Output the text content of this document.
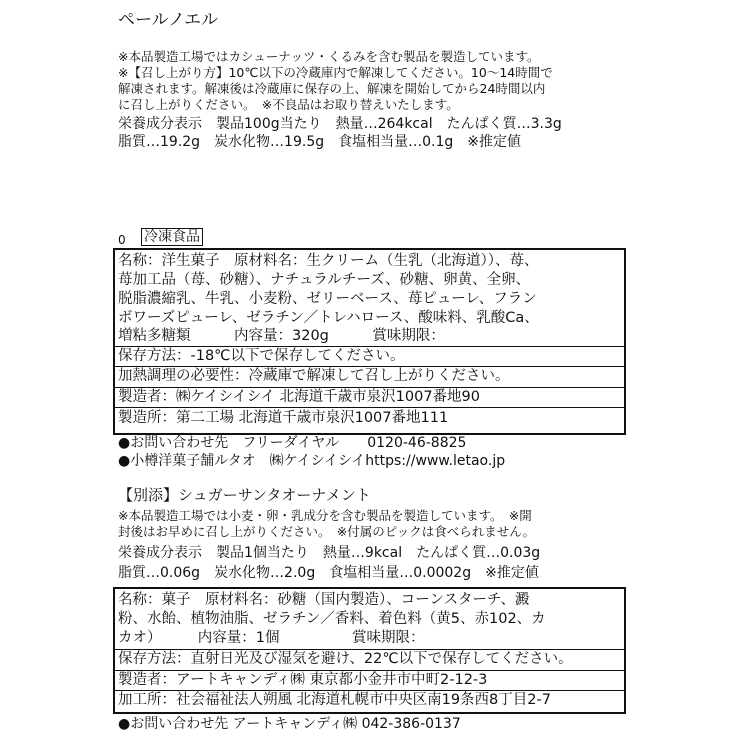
ペールノエル
※本品製造工場ではカシューナッツ・くるみを含む製品を製造しています。
※【召し上がり方】10℃以下の冷蔵庫内で解凍してください。10～14時間で
解凍されます。解凍後は冷蔵庫に保存の上、解凍を開始してから24時間以内
に召し上がりください。　※不良品はお取り替えいたします。
栄養成分表示　製品100g当たり　熱量…264kcal　たんぱく質…3.3g
脂質…19.2g　炭水化物…19.5g　食塩相当量…0.1g　※推定値
0 冷凍食品
名称：洋生菓子　原材料名：生クリーム（生乳（北海道））、苺、
苺加工品（苺、砂糖）、ナチュラルチーズ、砂糖、卵黄、全卵、
脱脂濃縮乳、牛乳、小麦粉、ゼリーベース、苺ピューレ、フラン
ボワーズピューレ、ゼラチン／トレハロース、酸味料、乳酸Ca、
増粘多糖類　　　内容量：320g　　　賞味期限：
保存方法：-18℃以下で保存してください。
加熱調理の必要性：冷蔵庫で解凍して召し上がりください。
製造者：㈱ケイシイシイ 北海道千歳市泉沢1007番地90
製造所：第二工場 北海道千歳市泉沢1007番地111
●お問い合わせ先　フリーダイヤル　　0120-46-8825
●小樽洋菓子舗ルタオ　㈱ケイシイシイhttps://www.letao.jp
【別添】シュガーサンタオーナメント
※本品製造工場では小麦・卵・乳成分を含む製品を製造しています。　※開
封後はお早めに召し上がりください。　※付属のピックは食べられません。
栄養成分表示　製品1個当たり　熱量…9kcal　たんぱく質…0.03g
脂質…0.06g　炭水化物…2.0g　食塩相当量…0.0002g　※推定値
名称：菓子　原材料名：砂糖（国内製造）、コーンスターチ、澱
粉、水飴、植物油脂、ゼラチン／香料、着色料（黄5、赤102、カ
カオ）　　　内容量：1個　　　　　賞味期限：
保存方法：直射日光及び湿気を避け、22℃以下で保存してください。
製造者：アートキャンディ㈱ 東京都小金井市中町2-12-3
加工所：社会福祉法人朔風 北海道札幌市中央区南19条西8丁目2-7
●お問い合わせ先 アートキャンディ㈱ 042-386-0137
